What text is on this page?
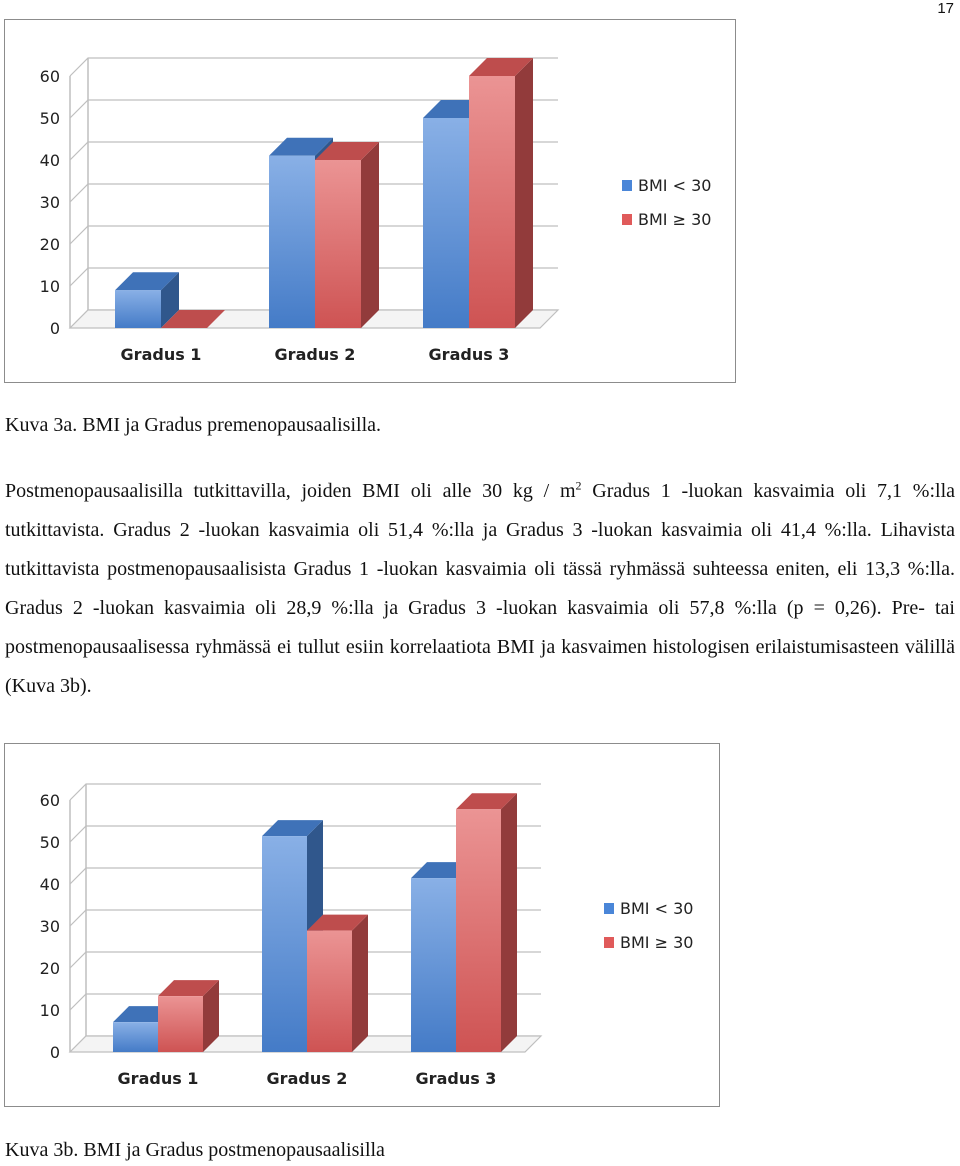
17
0
10
20
30
40
50
60
Gradus 1	Gradus 2	Gradus 3
BMI < 30
BMI ≥ 30
Kuva 3a. BMI ja Gradus premenopausaalisilla.

Postmenopausaalisilla tutkittavilla, joiden BMI oli alle 30 kg / $m^2$ Gradus 1 -luokan kasvaimia oli 7,1 %:lla tutkittavista. Gradus 2 -luokan kasvaimia oli 51,4 %:lla ja Gradus 3 -luokan kasvaimia oli 41,4 %:lla. Lihavista tutkittavista postmenopausaalisista Gradus 1 -luokan kasvaimia oli tässä ryhmässä suhteessa eniten, eli 13,3 %:lla. Gradus 2 -luokan kasvaimia oli 28,9 %:lla ja Gradus 3 -luokan kasvaimia oli 57,8 %:lla (p = 0,26). Pre- tai postmenopausaalisessa ryhmässä ei tullut esiin korrelaatiota BMI ja kasvaimen histologisen erilaistumisasteen välillä (Kuva 3b).

0
10
20
30
40
50
60
Gradus 1	Gradus 2	Gradus 3
BMI < 30
BMI ≥ 30
Kuva 3b. BMI ja Gradus postmenopausaalisilla
